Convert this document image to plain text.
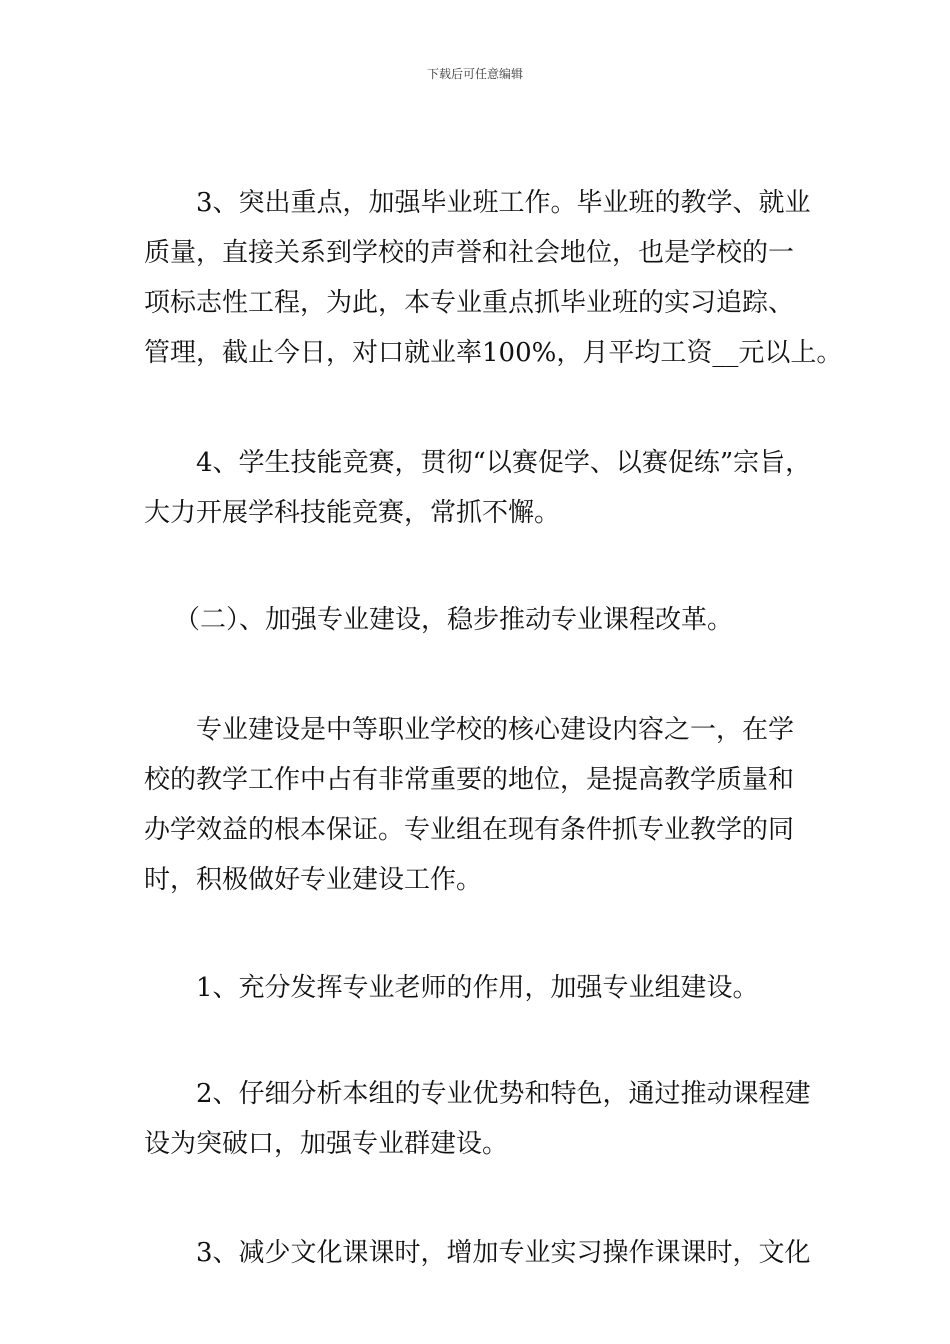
下载后可任意编辑
3、突出重点，加强毕业班工作。毕业班的教学、就业
质量，直接关系到学校的声誉和社会地位，也是学校的一
项标志性工程，为此，本专业重点抓毕业班的实习追踪、
管理，截止今日，对口就业率100%，月平均工资__元以上。
4、学生技能竞赛，贯彻“以赛促学、以赛促练”宗旨，
大力开展学科技能竞赛，常抓不懈。
（二）、加强专业建设，稳步推动专业课程改革。
专业建设是中等职业学校的核心建设内容之一，在学
校的教学工作中占有非常重要的地位，是提高教学质量和
办学效益的根本保证。专业组在现有条件抓专业教学的同
时，积极做好专业建设工作。
1、充分发挥专业老师的作用，加强专业组建设。
2、仔细分析本组的专业优势和特色，通过推动课程建
设为突破口，加强专业群建设。
3、减少文化课课时，增加专业实习操作课课时，文化
